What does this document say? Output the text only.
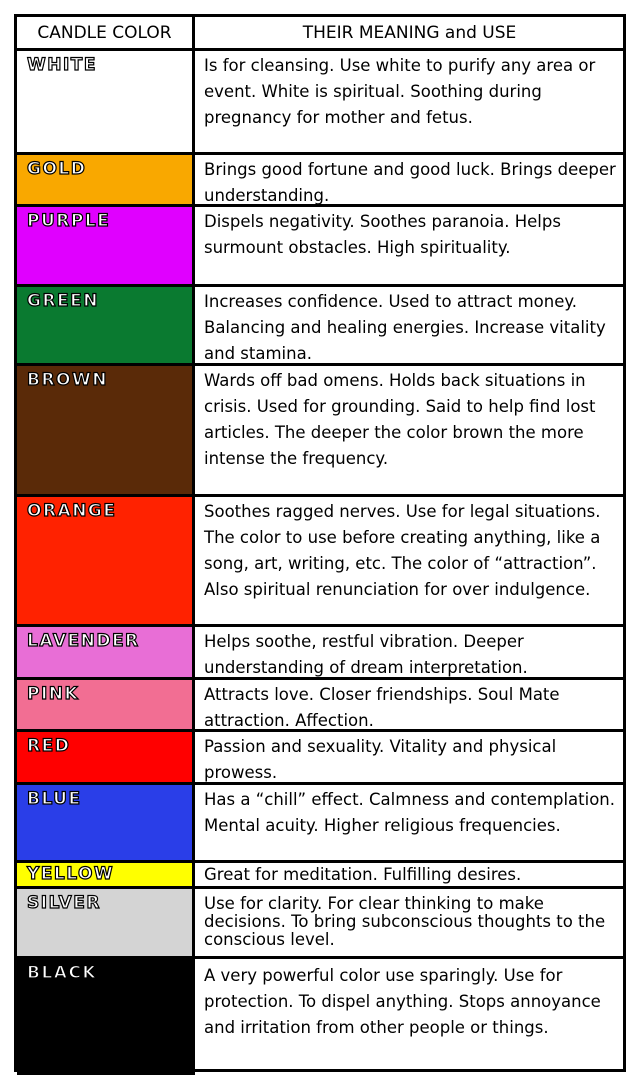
CANDLE COLOR	THEIR MEANING and USE
WHITE	Is for cleansing. Use white to purify any area or event. White is spiritual. Soothing during pregnancy for mother and fetus.
GOLD	Brings good fortune and good luck. Brings deeper understanding.
PURPLE	Dispels negativity. Soothes paranoia. Helps surmount obstacles. High spirituality.
GREEN	Increases confidence. Used to attract money. Balancing and healing energies. Increase vitality and stamina.
BROWN	Wards off bad omens. Holds back situations in crisis. Used for grounding. Said to help find lost articles. The deeper the color brown the more intense the frequency.
ORANGE	Soothes ragged nerves. Use for legal situations. The color to use before creating anything, like a song, art, writing, etc. The color of “attraction”. Also spiritual renunciation for over indulgence.
LAVENDER	Helps soothe, restful vibration. Deeper understanding of dream interpretation.
PINK	Attracts love. Closer friendships. Soul Mate attraction. Affection.
RED	Passion and sexuality. Vitality and physical prowess.
BLUE	Has a “chill” effect. Calmness and contemplation. Mental acuity. Higher religious frequencies.
YELLOW	Great for meditation. Fulfilling desires.
SILVER	Use for clarity. For clear thinking to make decisions. To bring subconscious thoughts to the conscious level.
BLACK	A very powerful color use sparingly. Use for protection. To dispel anything. Stops annoyance and irritation from other people or things.
